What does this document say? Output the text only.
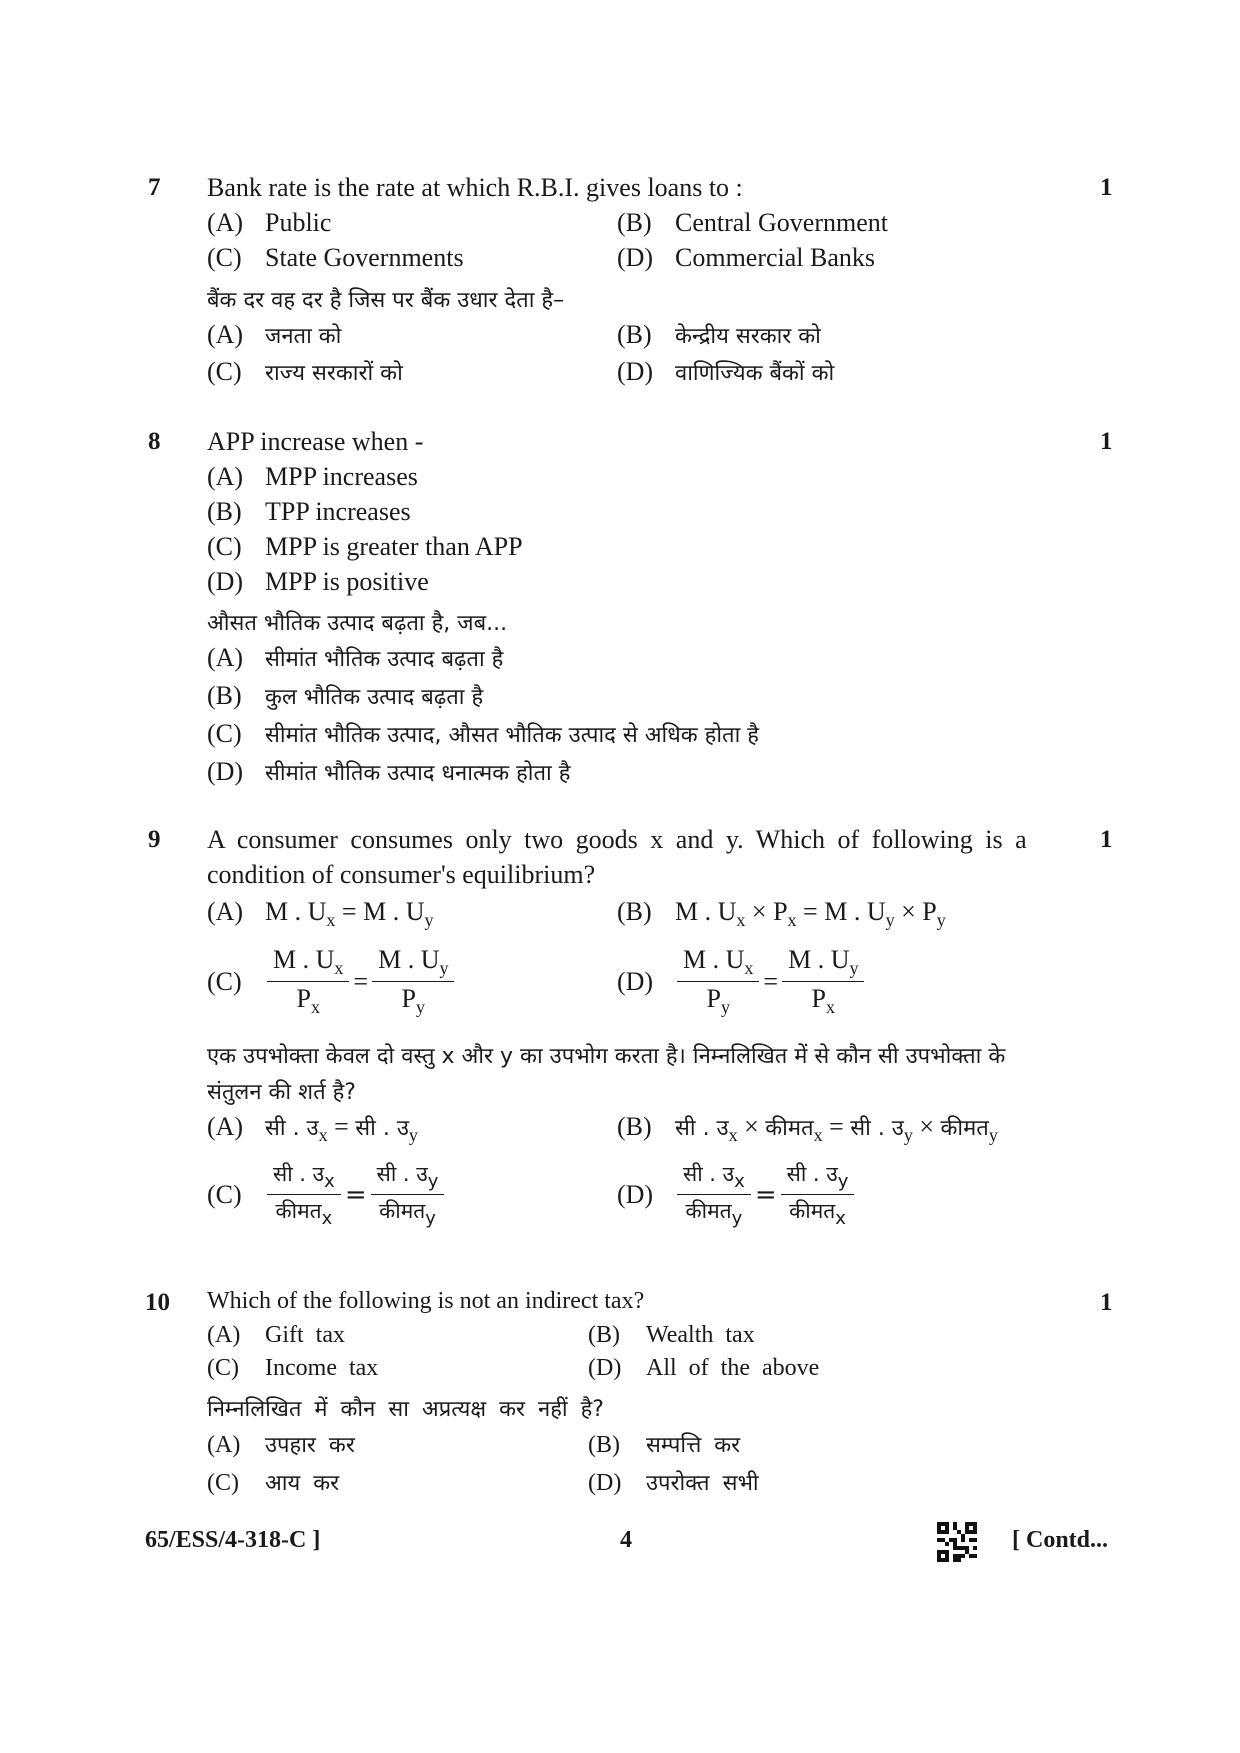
7 Bank rate is the rate at which R.B.I. gives loans to :	1
(A) Public	(B) Central Government
(C) State Governments	(D) Commercial Banks
बैंक दर वह दर है जिस पर बैंक उधार देता है–
(A) जनता को	(B) केन्द्रीय सरकार को
(C) राज्य सरकारों को	(D) वाणिज्यिक बैंकों को
8 APP increase when -	1
(A) MPP increases
(B) TPP increases
(C) MPP is greater than APP
(D) MPP is positive
औसत भौतिक उत्पाद बढ़ता है, जब...
(A) सीमांत भौतिक उत्पाद बढ़ता है
(B) कुल भौतिक उत्पाद बढ़ता है
(C) सीमांत भौतिक उत्पाद, औसत भौतिक उत्पाद से अधिक होता है
(D) सीमांत भौतिक उत्पाद धनात्मक होता है
9 A consumer consumes only two goods x and y. Which of following is a
condition of consumer's equilibrium?
1
(A) M . $U_x = M$ . $U_y$	(B) M . $U_x \times P_x = M$ . $U_y \times P_y$
$(C) \frac{M . U_x}{P_x} = \frac{M . U_y}{P_y}$	$(D) \frac{M . U_x}{P_y} = \frac{M . U_y}{P_x}$
एक उपभोक्ता केवल दो वस्तु x और y का उपभोग करता है। निम्नलिखित में से कौन सी उपभोक्ता के
संतुलन की शर्त है?
(A) सी . उ$_x$ = सी . उ$_y$	(B) सी . उ$_x$ × कीमत$_x$ = सी . उ$_y$ × कीमत$_y$
$(C) \frac{सी . उ_x}{कीमत_x} = \frac{सी . उ_y}{कीमत_y}$	$(D) \frac{सी . उ_x}{कीमत_y} = \frac{सी . उ_y}{कीमत_x}$
10 Which of the following is not an indirect tax?	1
(A) Gift tax	(B) Wealth tax
(C) Income tax	(D) All of the above
निम्नलिखित में कौन सा अप्रत्यक्ष कर नहीं है?
(A) उपहार कर	(B) सम्पत्ति कर
(C) आय कर	(D) उपरोक्त सभी
65/ESS/4-318-C ]	4	[ Contd...
